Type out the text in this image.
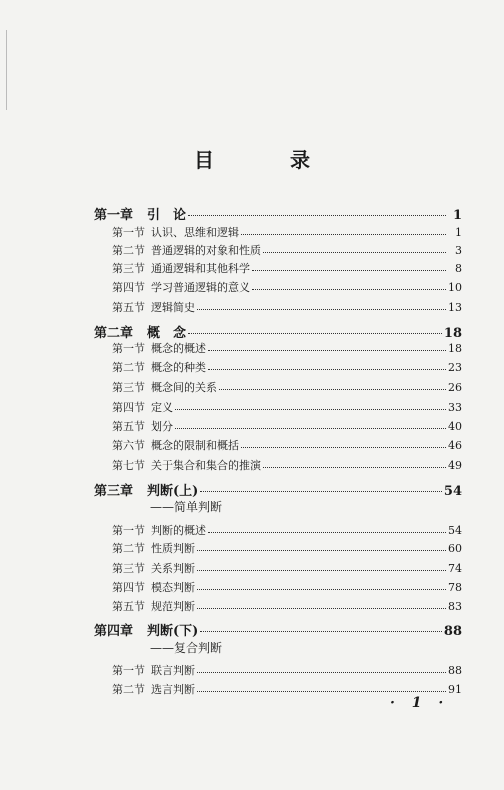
目　录
第一章 引　论	1
第一节 认识、思维和逻辑	1
第二节 普通逻辑的对象和性质	3
第三节 通通逻辑和其他科学	8
第四节 学习普通逻辑的意义	10
第五节 逻辑简史	13
第二章 概　念	18
第一节 概念的概述	18
第二节 概念的种类	23
第三节 概念间的关系	26
第四节 定义	33
第五节 划分	40
第六节 概念的限制和概括	46
第七节 关于集合和集合的推演	49
第三章 判断(上)	54
——简单判断
第一节 判断的概述	54
第二节 性质判断	60
第三节 关系判断	74
第四节 模态判断	78
第五节 规范判断	83
第四章 判断(下)	88
——复合判断
第一节 联言判断	88
第二节 选言判断	91
· 1 ·
